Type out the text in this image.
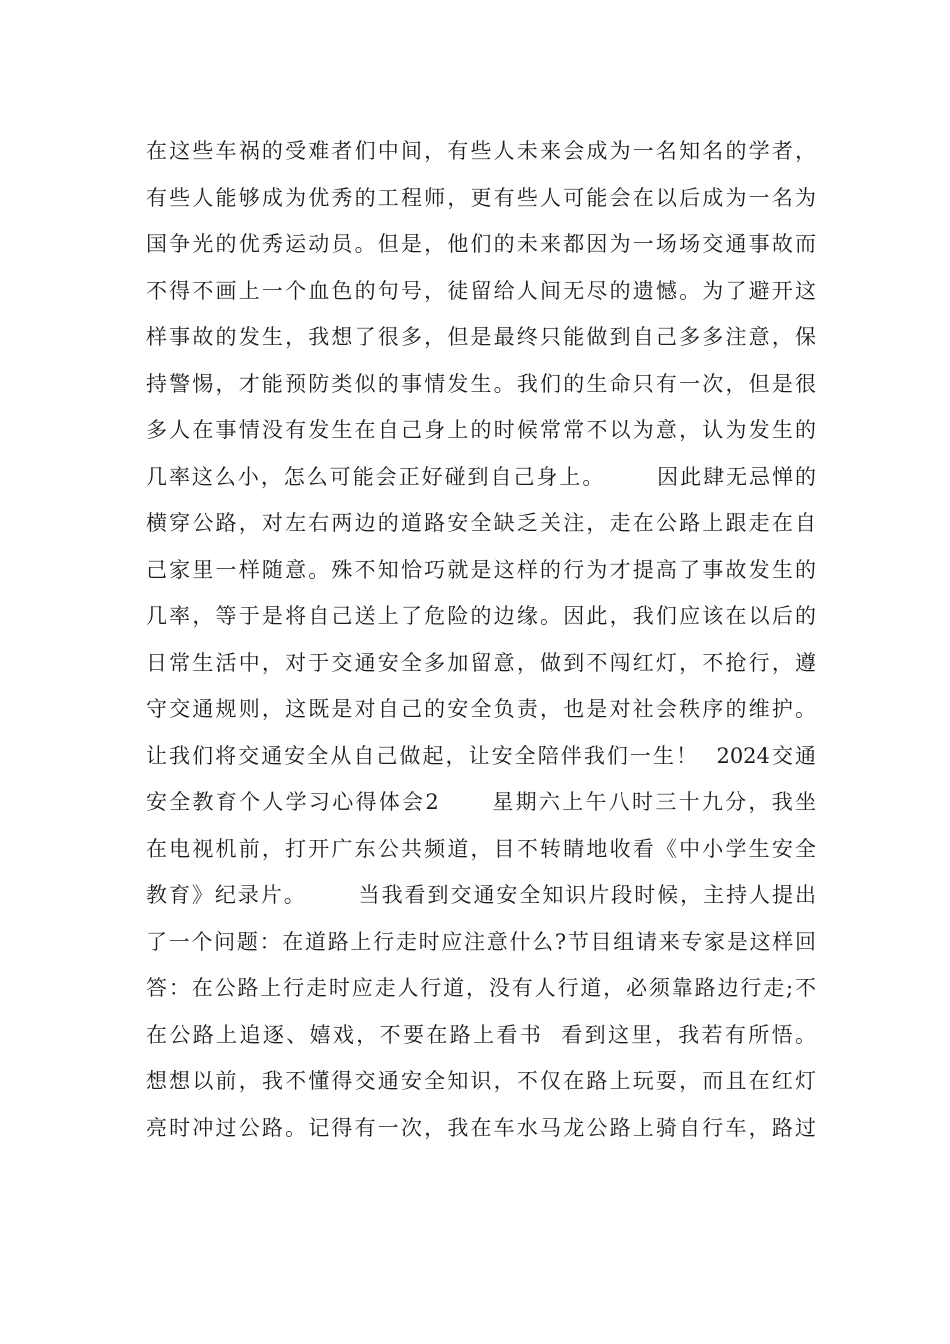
在这些车祸的受难者们中间，有些人未来会成为一名知名的学者，
有些人能够成为优秀的工程师，更有些人可能会在以后成为一名为
国争光的优秀运动员。但是，他们的未来都因为一场场交通事故而
不得不画上一个血色的句号，徒留给人间无尽的遗憾。为了避开这
样事故的发生，我想了很多，但是最终只能做到自己多多注意，保
持警惕，才能预防类似的事情发生。我们的生命只有一次，但是很
多人在事情没有发生在自己身上的时候常常不以为意，认为发生的
几率这么小，怎么可能会正好碰到自己身上。      因此肆无忌惮的
横穿公路，对左右两边的道路安全缺乏关注，走在公路上跟走在自
己家里一样随意。殊不知恰巧就是这样的行为才提高了事故发生的
几率，等于是将自己送上了危险的边缘。因此，我们应该在以后的
日常生活中，对于交通安全多加留意，做到不闯红灯，不抢行，遵
守交通规则，这既是对自己的安全负责，也是对社会秩序的维护。
让我们将交通安全从自己做起，让安全陪伴我们一生！  2024交通
安全教育个人学习心得体会2      星期六上午八时三十九分，我坐
在电视机前，打开广东公共频道，目不转睛地收看《中小学生安全
教育》纪录片。      当我看到交通安全知识片段时候，主持人提出
了一个问题：在道路上行走时应注意什么?节目组请来专家是这样回
答：在公路上行走时应走人行道，没有人行道，必须靠路边行走;不
在公路上追逐、嬉戏，不要在路上看书  看到这里，我若有所悟。
想想以前，我不懂得交通安全知识，不仅在路上玩耍，而且在红灯
亮时冲过公路。记得有一次，我在车水马龙公路上骑自行车，路过
